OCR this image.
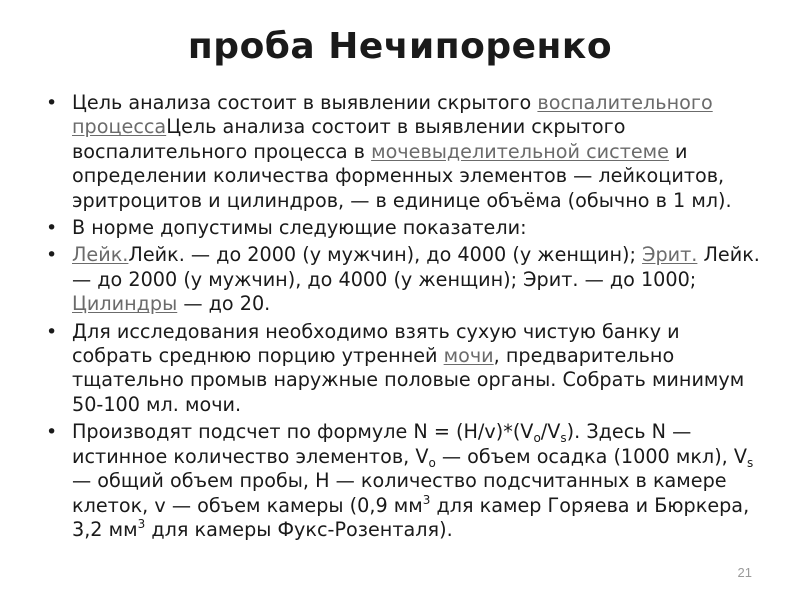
проба Нечипоренко
• Цель анализа состоит в выявлении скрытого воспалительного процессаЦель анализа состоит в выявлении скрытого воспалительного процесса в мочевыделительной системе и определении количества форменных элементов — лейкоцитов, эритроцитов и цилиндров, — в единице объёма (обычно в 1 мл).
• В норме допустимы следующие показатели:
• Лейк.Лейк. — до 2000 (у мужчин), до 4000 (у женщин); Эрит. Лейк. — до 2000 (у мужчин), до 4000 (у женщин); Эрит. — до 1000; Цилиндры — до 20.
• Для исследования необходимо взять сухую чистую банку и собрать среднюю порцию утренней мочи, предварительно тщательно промыв наружные половые органы. Собрать минимум 50-100 мл. мочи.
• Производят подсчет по формуле $N = (H/v)*(V_o/V_s)$. Здесь N — истинное количество элементов, $V_o$ — объем осадка (1000 мкл), $V_s$ — общий объем пробы, H — количество подсчитанных в камере клеток, v — объем камеры (0,9 $мм^3$ для камер Горяева и Бюркера, 3,2 $мм^3$ для камеры Фукс-Розенталя).
21
